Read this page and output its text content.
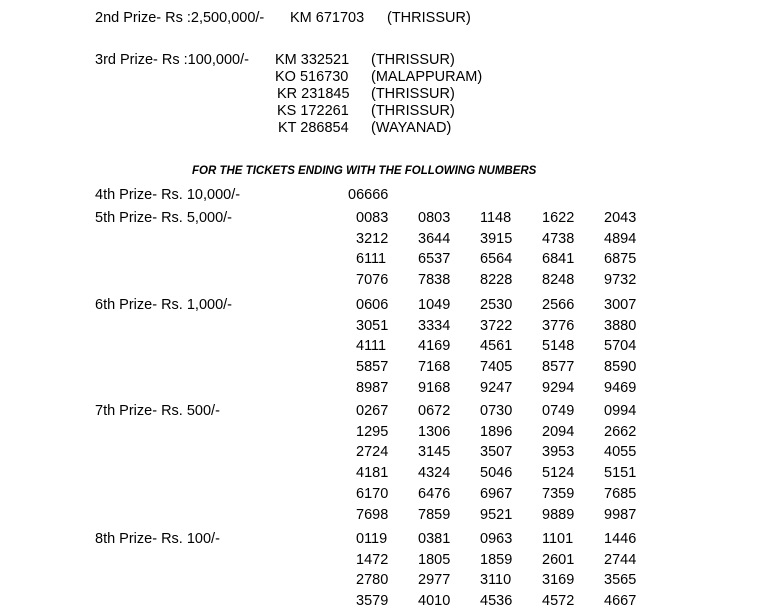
2nd Prize- Rs :2,500,000/- KM 671703 (THRISSUR)
3rd Prize- Rs :100,000/- KM 332521 (THRISSUR)
KO 516730 (MALAPPURAM)
KR 231845 (THRISSUR)
KS 172261 (THRISSUR)
KT 286854 (WAYANAD)
FOR THE TICKETS ENDING WITH THE FOLLOWING NUMBERS
4th Prize- Rs. 10,000/-	06666
5th Prize- Rs. 5,000/-
6th Prize- Rs. 1,000/-
7th Prize- Rs. 500/-
8th Prize- Rs. 100/-
0083 0803 1148 1622 2043
3212 3644 3915 4738 4894
6111 6537 6564 6841 6875
7076 7838 8228 8248 9732
0606 1049 2530 2566 3007
3051 3334 3722 3776 3880
4111 4169 4561 5148 5704
5857 7168 7405 8577 8590
8987 9168 9247 9294 9469
0267 0672 0730 0749 0994
1295 1306 1896 2094 2662
2724 3145 3507 3953 4055
4181 4324 5046 5124 5151
6170 6476 6967 7359 7685
7698 7859 9521 9889 9987
0119 0381 0963 1101 1446
1472 1805 1859 2601 2744
2780 2977 3110 3169 3565
3579 4010 4536 4572 4667
